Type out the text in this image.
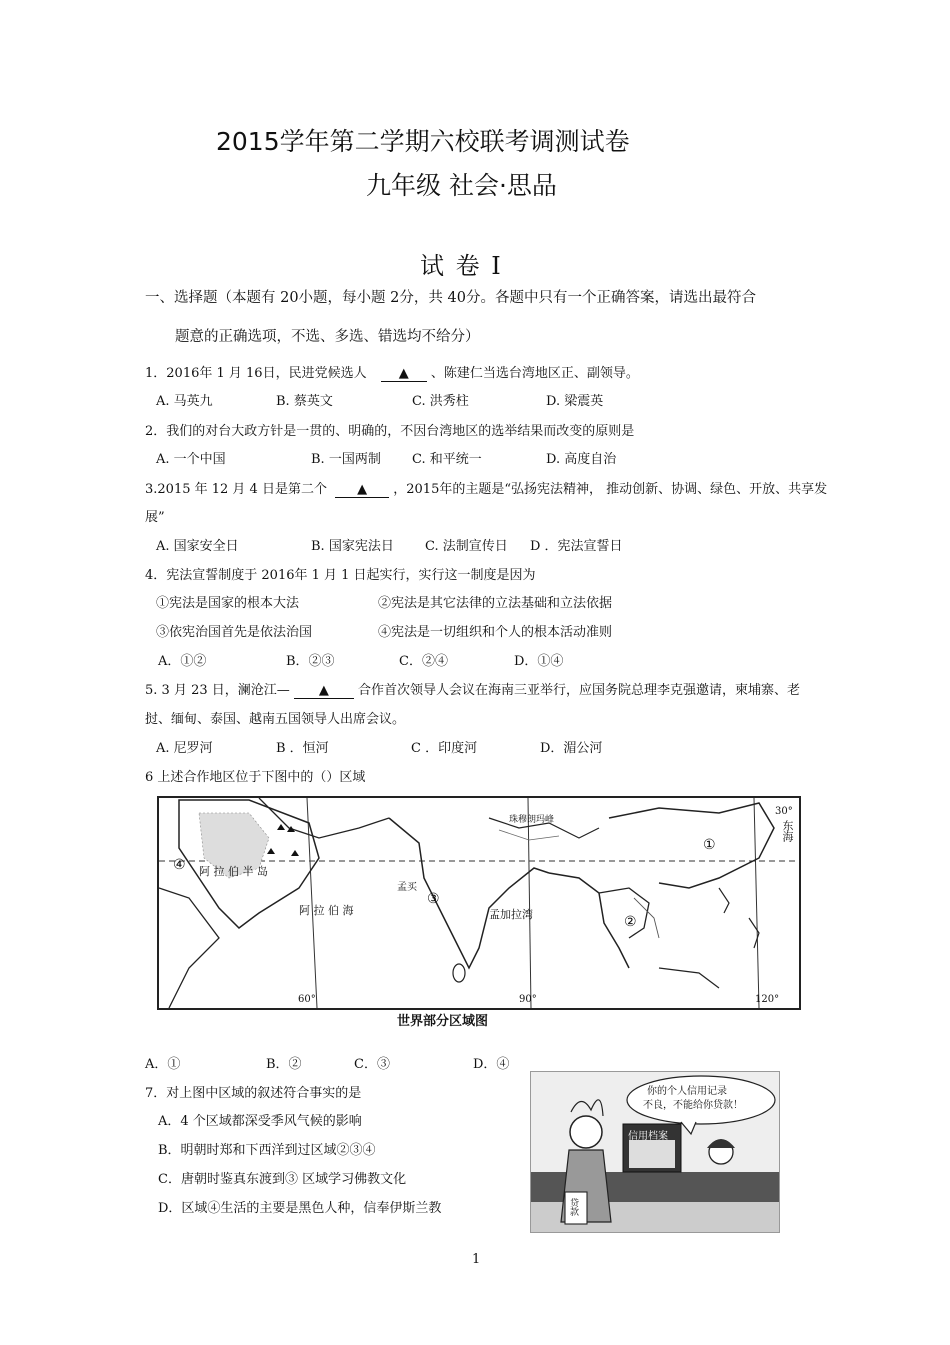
2015学年第二学期六校联考调测试卷
九年级 社会·思品
试 卷 I
一、选择题（本题有 20小题，每小题 2分，共 40分。各题中只有一个正确答案，请选出最符合
题意的正确选项，不选、多选、错选均不给分）
1．2016年 1 月 16日，民进党候选人 ▲ 、陈建仁当选台湾地区正、副领导。
A. 马英九	B. 蔡英文	C. 洪秀柱	D. 梁震英
2．我们的对台大政方针是一贯的、明确的，不因台湾地区的选举结果而改变的原则是
A. 一个中国	B. 一国两制 C. 和平统一	D. 高度自治
3.2015 年 12 月 4 日是第二个 ▲ ，2015年的主题是“弘扬宪法精神， 推动创新、协调、绿色、开放、共享发
展”
A. 国家安全日	B. 国家宪法日 C. 法制宣传日 D ．宪法宣誓日
4．宪法宣誓制度于 2016年 1 月 1 日起实行，实行这一制度是因为
①宪法是国家的根本大法	②宪法是其它法律的立法基础和立法依据
③依宪治国首先是依法治国	④宪法是一切组织和个人的根本活动准则
A．①②	B．②③	C．②④	D．①④
5. 3 月 23 日，澜沧江— ▲ 合作首次领导人会议在海南三亚举行，应国务院总理李克强邀请，柬埔寨、老
挝、缅甸、泰国、越南五国领导人出席会议。
A. 尼罗河	B ．恒河	C ．印度河	D．湄公河
6 上述合作地区位于下图中的（）区域
④ 阿 拉 伯 半 岛
阿 拉 伯 海
孟买
③
孟加拉湾
珠穆朗玛峰
①
②
东海
30°
60°	90°	120°
世界部分区域图
A．①	B．②	C．③	D．④
7．对上图中区域的叙述符合事实的是
A．4 个区域都深受季风气候的影响
B．明朝时郑和下西洋到过区域②③④
C．唐朝时鉴真东渡到③ 区域学习佛教文化
D．区域④生活的主要是黑色人种，信奉伊斯兰教
你的个人信用记录
不良，不能给你贷款！
信用档案
贷款
1
